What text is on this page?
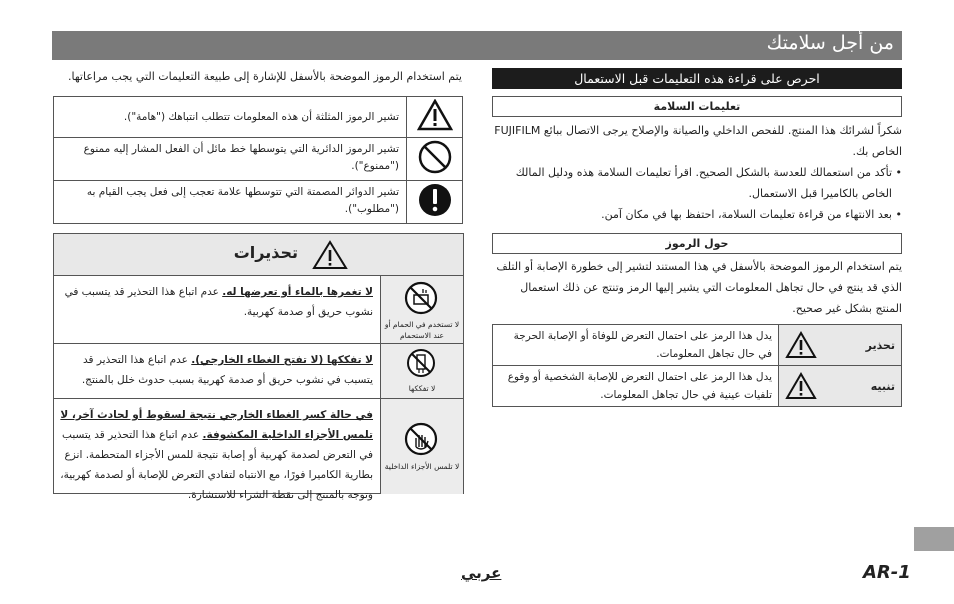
من أجل سلامتك
يتم استخدام الرموز الموضحة بالأسفل للإشارة إلى طبيعة التعليمات التي يجب مراعاتها.
تشير الرموز المثلثة أن هذه المعلومات تتطلب انتباهك ("هامة").	
تشير الرموز الدائرية التي يتوسطها خط مائل أن الفعل المشار إليه ممنوع ("ممنوع").	
تشير الدوائر المصمتة التي تتوسطها علامة تعجب إلى فعل يجب القيام به ("مطلوب").	
تحذيرات
لا تغمرها بالماء أو تعرضها له. عدم اتباع هذا التحذير قد يتسبب في نشوب حريق أو صدمة كهربية.
لا تستخدم في الحمام أو عند الاستحمام
لا تفككها (لا تفتح الغطاء الخارجي). عدم اتباع هذا التحذير قد يتسبب في نشوب حريق أو صدمة كهربية بسبب حدوث خلل بالمنتج.
لا تفككها
في حالة كسر الغطاء الخارجي نتيجة لسقوط أو لحادث آخر، لا تلمس الأجزاء الداخلية المكشوفة. عدم اتباع هذا التحذير قد يتسبب في التعرض لصدمة كهربية أو إصابة نتيجة للمس الأجزاء المتحطمة. انزع بطارية الكاميرا فورًا، مع الانتباه لتفادي التعرض للإصابة أو لصدمة كهربية، وتوجه بالمنتج إلى نقطة الشراء للاستشارة.
لا تلمس الأجزاء الداخلية
احرص على قراءة هذه التعليمات قبل الاستعمال
تعليمات السلامة
شكراً لشرائك هذا المنتج. للفحص الداخلي والصيانة والإصلاح يرجى الاتصال ببائع FUJIFILM الخاص بك.
•
تأكد من استعمالك للعدسة بالشكل الصحيح. اقرأ تعليمات السلامة هذه ودليل المالك الخاص بالكاميرا قبل الاستعمال.
•
بعد الانتهاء من قراءة تعليمات السلامة، احتفظ بها في مكان آمن.
حول الرموز
يتم استخدام الرموز الموضحة بالأسفل في هذا المستند لتشير إلى خطورة الإصابة أو التلف الذي قد ينتج في حال تجاهل المعلومات التي يشير إليها الرمز وتنتج عن ذلك استعمال المنتج بشكل غير صحيح.
يدل هذا الرمز على احتمال التعرض للوفاة أو الإصابة الحرجة في حال تجاهل المعلومات.	تحذير

يدل هذا الرمز على احتمال التعرض للإصابة الشخصية أو وقوع تلفيات عينية في حال تجاهل المعلومات.	تنبيه
عربي	AR-1
